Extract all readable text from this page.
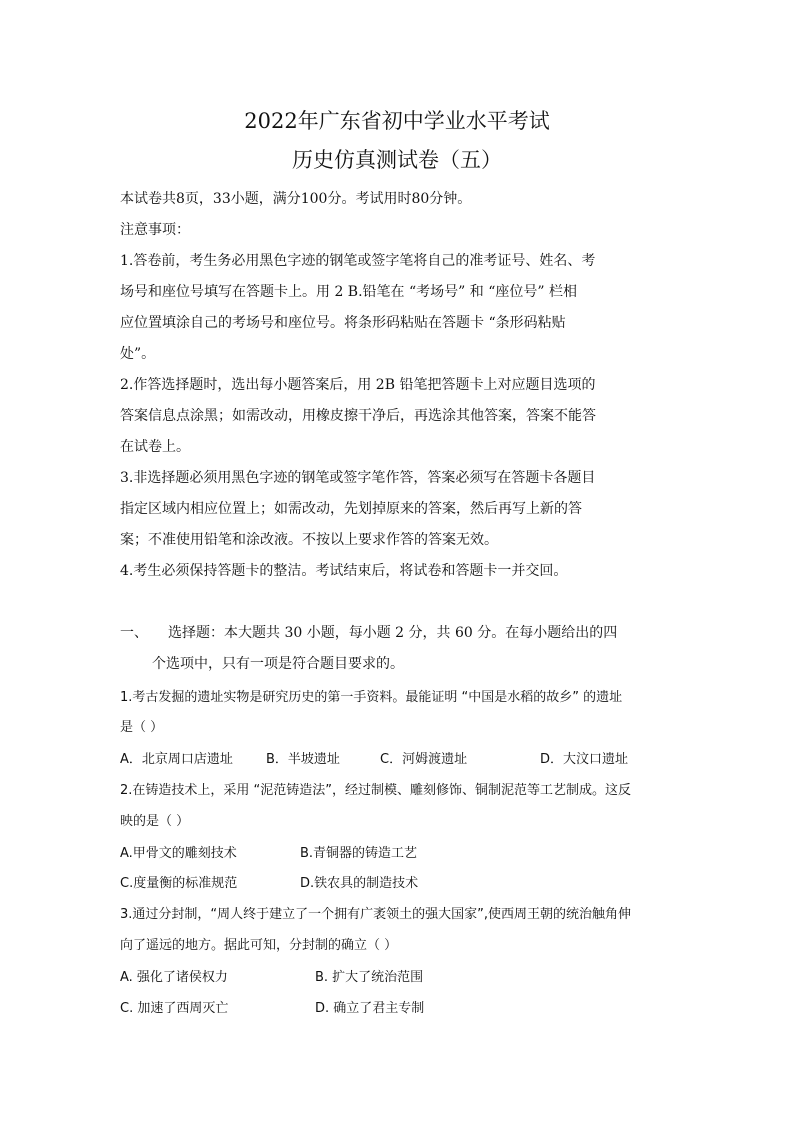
2022年广东省初中学业水平考试
历史仿真测试卷（五）
本试卷共8页，33小题，满分100分。考试用时80分钟。
注意事项：
1.答卷前，考生务必用黑色字迹的钢笔或签字笔将自己的准考证号、姓名、考
场号和座位号填写在答题卡上。用 2 B.铅笔在 “考场号” 和 “座位号” 栏相
应位置填涂自己的考场号和座位号。将条形码粘贴在答题卡 “条形码粘贴
处”。
2.作答选择题时，选出每小题答案后，用 2B 铅笔把答题卡上对应题目选项的
答案信息点涂黑；如需改动，用橡皮擦干净后，再选涂其他答案，答案不能答
在试卷上。
3.非选择题必须用黑色字迹的钢笔或签字笔作答，答案必须写在答题卡各题目
指定区域内相应位置上；如需改动，先划掉原来的答案，然后再写上新的答
案；不准使用铅笔和涂改液。不按以上要求作答的答案无效。
4.考生必须保持答题卡的整洁。考试结束后，将试卷和答题卡一并交回。
一、 选择题：本大题共 30 小题，每小题 2 分，共 60 分。在每小题给出的四
个选项中，只有一项是符合题目要求的。
1.考古发掘的遗址实物是研究历史的第一手资料。最能证明 “中国是水稻的故乡” 的遗址
是（ ）
A．北京周口店遗址	B．半坡遗址	C．河姆渡遗址	D．大汶口遗址
2.在铸造技术上，采用 “泥范铸造法”，经过制模、雕刻修饰、铜制泥范等工艺制成。这反
映的是（ ）
A.甲骨文的雕刻技术	B.青铜器的铸造工艺
C.度量衡的标准规范	D.铁农具的制造技术
3.通过分封制，“周人终于建立了一个拥有广袤领土的强大国家”,使西周王朝的统治触角伸
向了遥远的地方。据此可知，分封制的确立（ ）
A. 强化了诸侯权力	B. 扩大了统治范围
C. 加速了西周灭亡	D. 确立了君主专制
